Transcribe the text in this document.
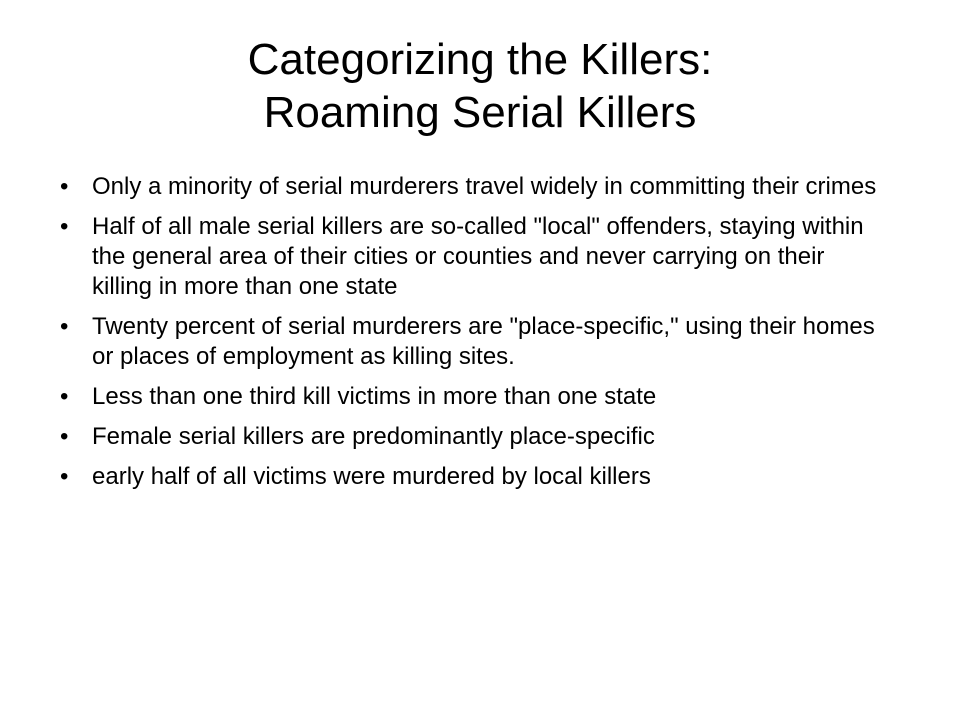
Categorizing the Killers:
Roaming Serial Killers
• Only a minority of serial murderers travel widely in committing their crimes
• Half of all male serial killers are so-called "local" offenders, staying within the general area of their cities or counties and never carrying on their killing in more than one state
• Twenty percent of serial murderers are "place-specific," using their homes or places of employment as killing sites.
• Less than one third kill victims in more than one state
• Female serial killers are predominantly place-specific
• early half of all victims were murdered by local killers
